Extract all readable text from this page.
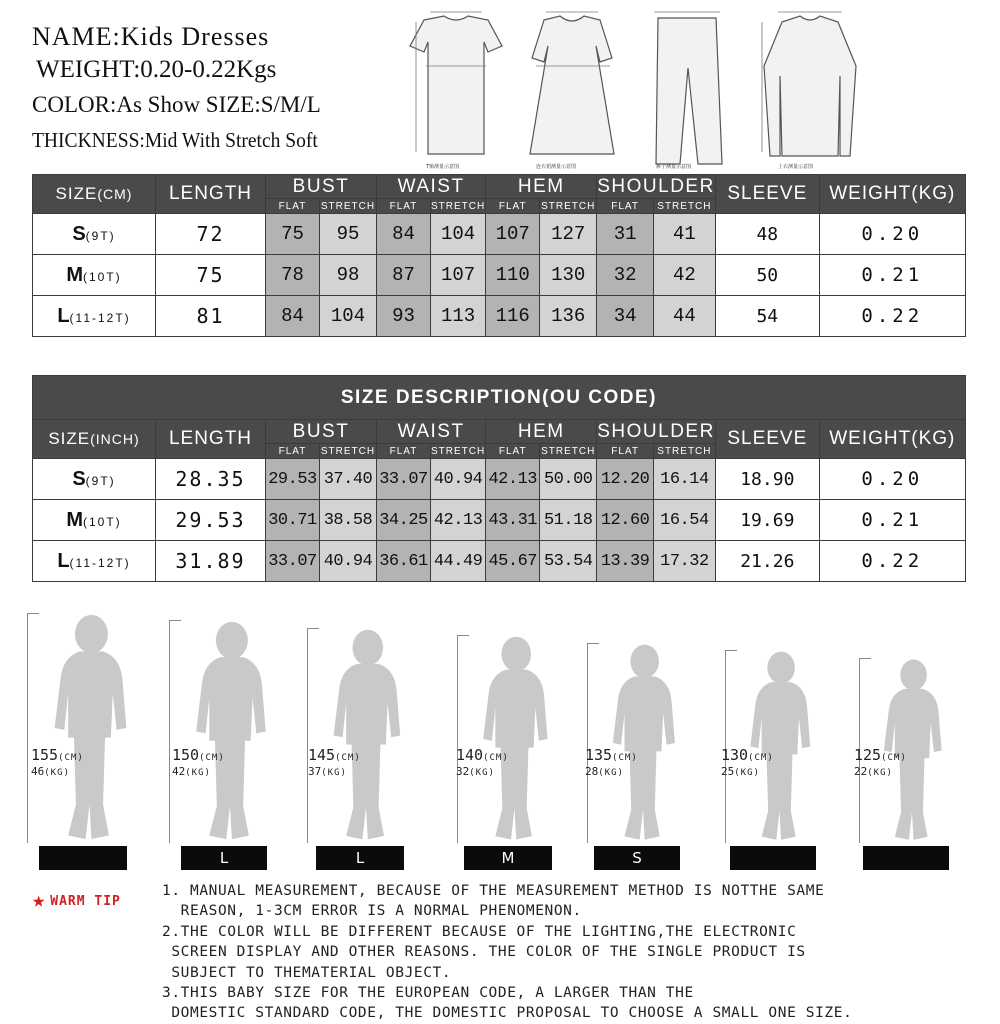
NAME:Kids Dresses
WEIGHT:0.20-0.22Kgs
COLOR:As Show SIZE:S/M/L
THICKNESS:Mid With Stretch Soft
T恤测量示意图	连衣裙测量示意图	裤子测量示意图	上衣测量示意图
SIZE(CM)	LENGTH	BUST		WAIST		HEM		SHOULDER		SLEEVE	WEIGHT(KG)
		FLAT	STRETCH	FLAT	STRETCH	FLAT	STRETCH	FLAT	STRETCH		
S(9T)	72	75	95	84	104	107	127	31	41	48	0.20
M(10T)	75	78	98	87	107	110	130	32	42	50	0.21
L(11-12T)	81	84	104	93	113	116	136	34	44	54	0.22
SIZE DESCRIPTION(OU CODE)											
SIZE(INCH)	LENGTH	BUST		WAIST		HEM		SHOULDER		SLEEVE	WEIGHT(KG)
		FLAT	STRETCH	FLAT	STRETCH	FLAT	STRETCH	FLAT	STRETCH		
S(9T)	28.35	29.53	37.40	33.07	40.94	42.13	50.00	12.20	16.14	18.90	0.20
M(10T)	29.53	30.71	38.58	34.25	42.13	43.31	51.18	12.60	16.54	19.69	0.21
L(11-12T)	31.89	33.07	40.94	36.61	44.49	45.67	53.54	13.39	17.32	21.26	0.22
155(CM)
46(KG)
150(CM)
42(KG)
L
145(CM)
37(KG)
L
140(CM)
32(KG)
M
135(CM)
28(KG)
S
130(CM)
25(KG)
125(CM)
22(KG)
★ WARM TIP
1. MANUAL MEASUREMENT, BECAUSE OF THE MEASUREMENT METHOD IS NOTTHE SAME
REASON, 1-3CM ERROR IS A NORMAL PHENOMENON.
2.THE COLOR WILL BE DIFFERENT BECAUSE OF THE LIGHTING,THE ELECTRONIC
SCREEN DISPLAY AND OTHER REASONS. THE COLOR OF THE SINGLE PRODUCT IS
SUBJECT TO THEMATERIAL OBJECT.
3.THIS BABY SIZE FOR THE EUROPEAN CODE, A LARGER THAN THE
DOMESTIC STANDARD CODE, THE DOMESTIC PROPOSAL TO CHOOSE A SMALL ONE SIZE.
